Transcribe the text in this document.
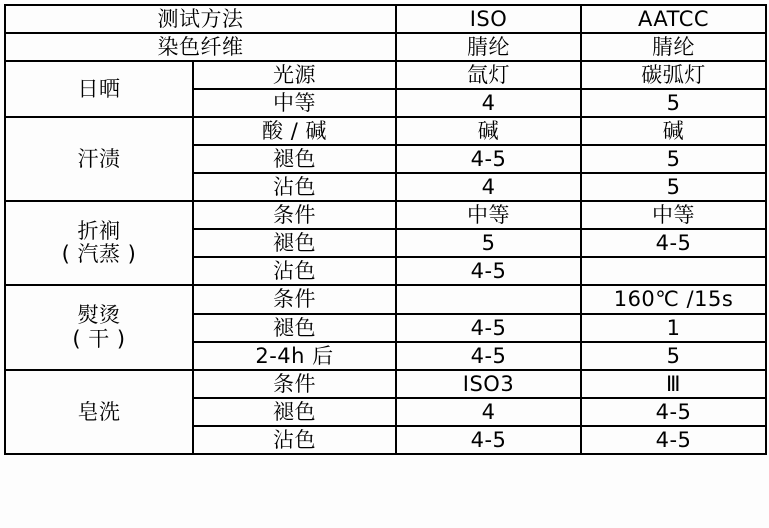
测试方法		ISO	AATCC
染色纤维		腈纶	腈纶
日晒	光源	氙灯	碳弧灯
	中等	4	5
汗渍	酸 / 碱	碱	碱
	褪色	4-5	5
	沾色	4	5

折裥
( 汽蒸 )	条件	中等	中等
	褪色	5	4-5
	沾色	4-5	

熨烫
( 干 )	条件		160℃ /15s
	褪色	4-5	1
	2-4h 后	4-5	5
皂洗	条件	ISO3	Ⅲ
	褪色	4	4-5
	沾色	4-5	4-5
